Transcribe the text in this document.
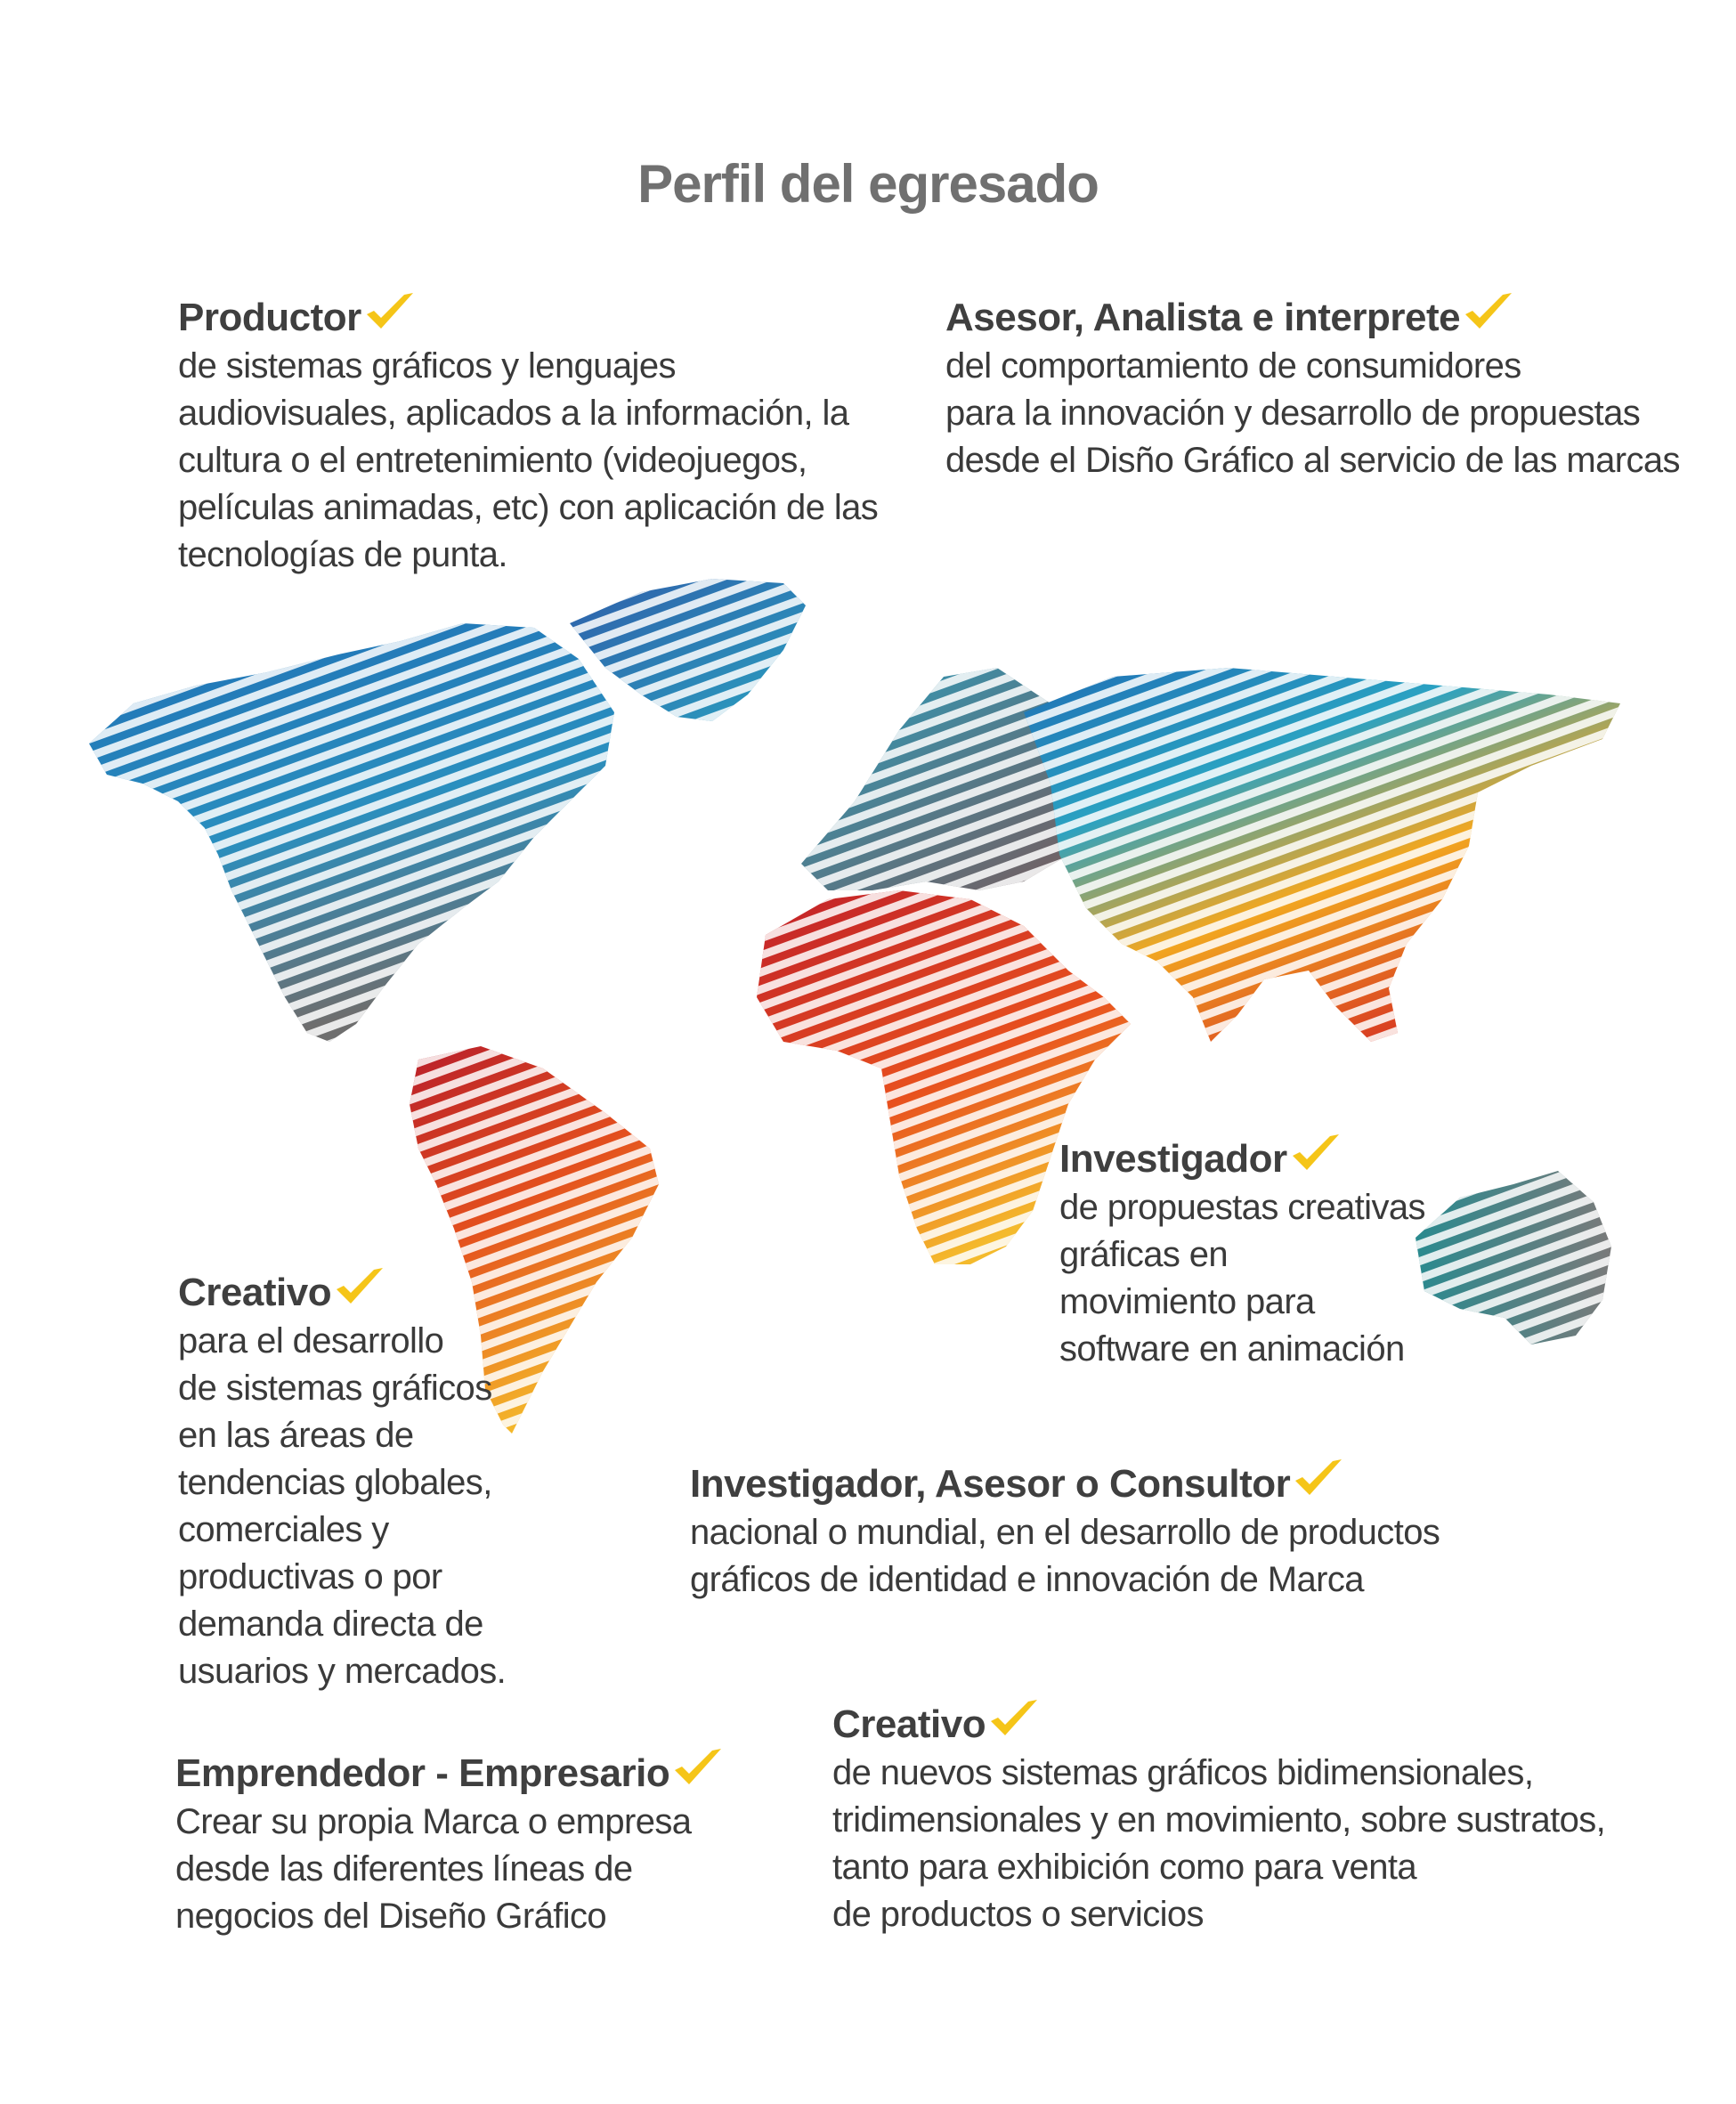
Perfil del egresado
Productor
de sistemas gráficos y lenguajes
audiovisuales, aplicados a la información, la
cultura o el entretenimiento (videojuegos,
películas animadas, etc) con aplicación de las
tecnologías de punta.
Asesor, Analista e interprete
del comportamiento de consumidores
para la innovación y desarrollo de propuestas
desde el Disño Gráfico al servicio de las marcas
Investigador
de propuestas creativas
gráficas en
movimiento para
software en animación
Creativo
para el desarrollo
de sistemas gráficos
en las áreas de
tendencias globales,
comerciales y
productivas o por
demanda directa de
usuarios y mercados.
Investigador, Asesor o Consultor
nacional o mundial, en el desarrollo de productos
gráficos de identidad e innovación de Marca
Emprendedor - Empresario
Crear su propia Marca o empresa
desde las diferentes líneas de
negocios del Diseño Gráfico
Creativo
de nuevos sistemas gráficos bidimensionales,
tridimensionales y en movimiento, sobre sustratos,
tanto para exhibición como para venta
de productos o servicios
